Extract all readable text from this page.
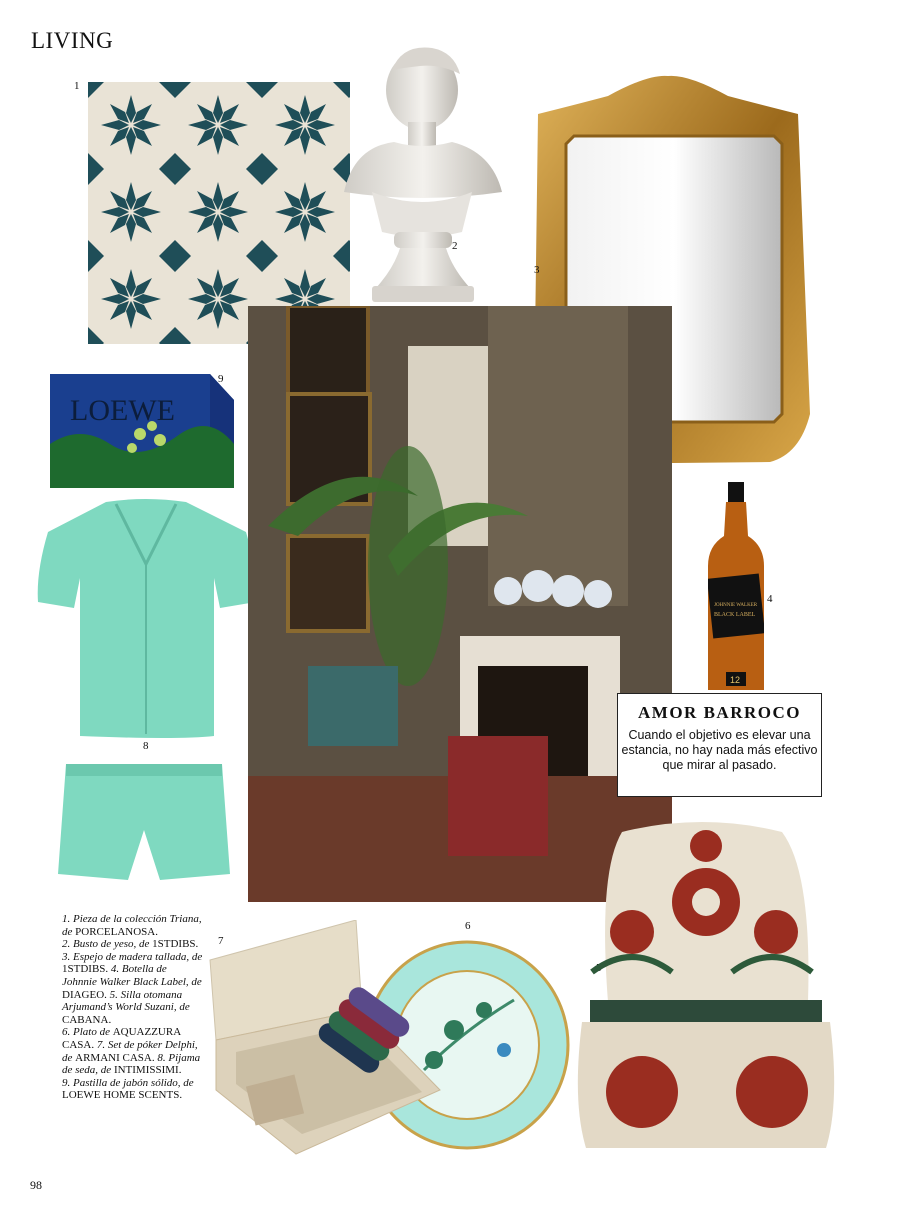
LIVING
1
2
3
9
LOEWE
8
JOHNNIE WALKER
BLACK LABEL
12
4
AMOR BARROCO
Cuando el objetivo es elevar una estancia, no hay nada más efectivo que mirar al pasado.
5
6
7
1. Pieza de la colección Triana, de PORCELANOSA.
2. Busto de yeso, de 1STDIBS. 3. Espejo de madera tallada, de 1STDIBS. 4. Botella de Johnnie Walker Black Label, de DIAGEO. 5. Silla otomana Arjumand’s World Suzani, de CABANA.
6. Plato de AQUAZZURA CASA. 7. Set de póker Delphi, de ARMANI CASA. 8. Pijama de seda, de INTIMISSIMI.
9. Pastilla de jabón sólido, de LOEWE HOME SCENTS.
98
